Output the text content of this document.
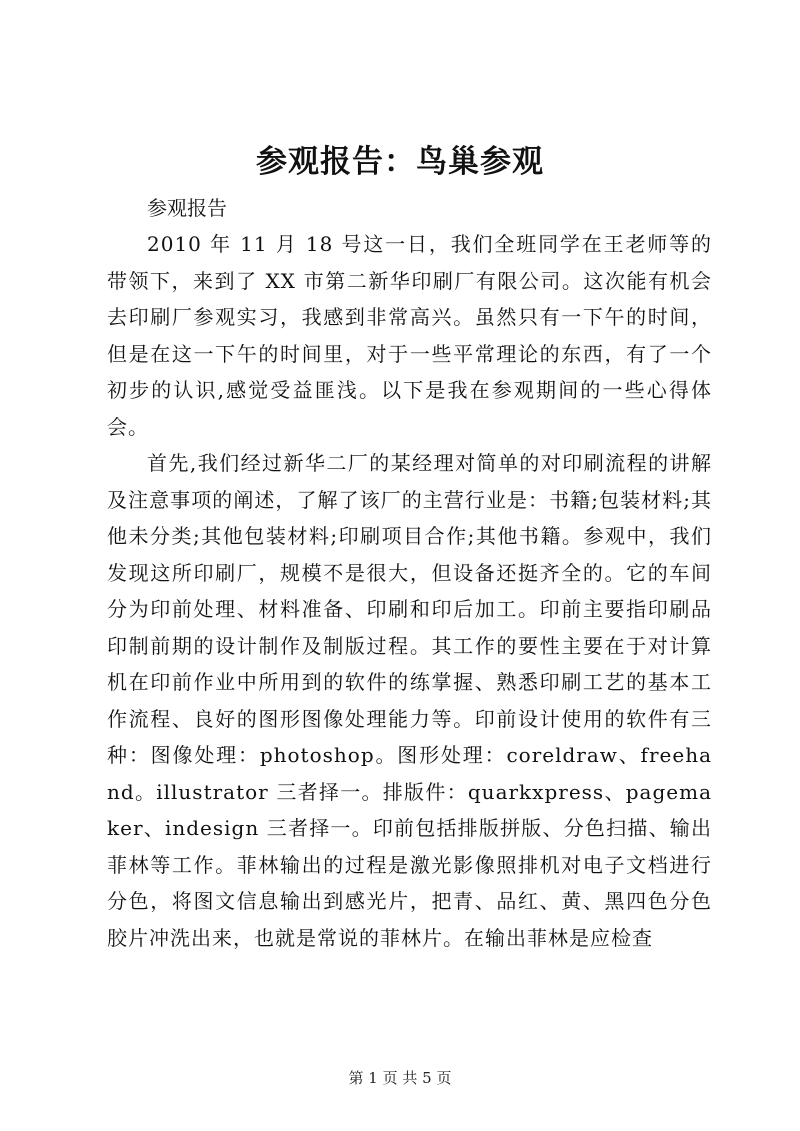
参观报告：鸟巢参观

参观报告

2010 年 11 月 18 号这一日，我们全班同学在王老师等的带领下，来到了 XX 市第二新华印刷厂有限公司。这次能有机会去印刷厂参观实习，我感到非常高兴。虽然只有一下午的时间，但是在这一下午的时间里，对于一些平常理论的东西，有了一个初步的认识,感觉受益匪浅。以下是我在参观期间的一些心得体会。

首先,我们经过新华二厂的某经理对简单的对印刷流程的讲解及注意事项的阐述，了解了该厂的主营行业是：书籍;包装材料;其他未分类;其他包装材料;印刷项目合作;其他书籍。参观中，我们发现这所印刷厂，规模不是很大，但设备还挺齐全的。它的车间分为印前处理、材料准备、印刷和印后加工。印前主要指印刷品印制前期的设计制作及制版过程。其工作的要性主要在于对计算机在印前作业中所用到的软件的练掌握、熟悉印刷工艺的基本工作流程、良好的图形图像处理能力等。印前设计使用的软件有三种：图像处理：photoshop。图形处理：coreldraw、freehand。illustrator 三者择一。排版件：quarkxpress、pagemaker、indesign 三者择一。印前包括排版拼版、分色扫描、输出菲林等工作。菲林输出的过程是激光影像照排机对电子文档进行分色，将图文信息输出到感光片，把青、品红、黄、黑四色分色胶片冲洗出来，也就是常说的菲林片。在输出菲林是应检查

第 1 页 共 5 页
